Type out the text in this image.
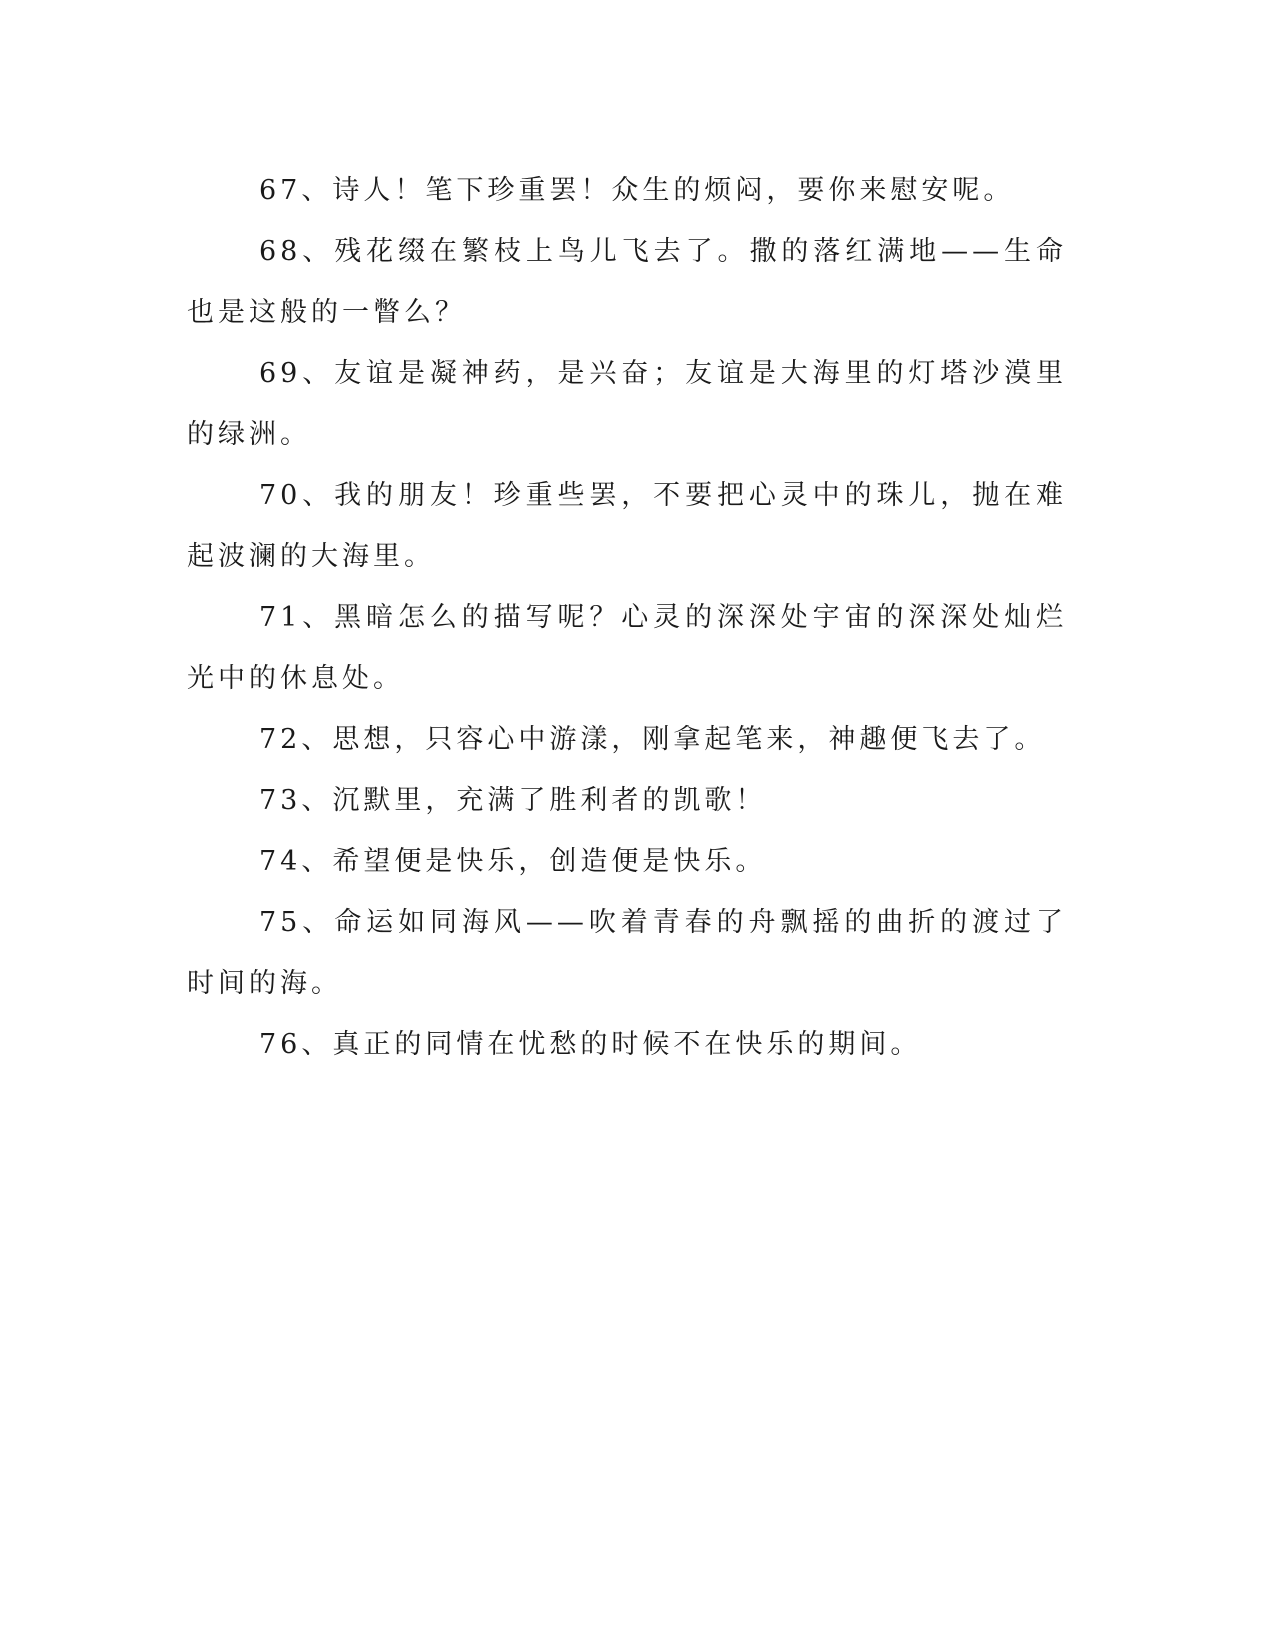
67、诗人！笔下珍重罢！众生的烦闷，要你来慰安呢。

68、残花缀在繁枝上鸟儿飞去了。撒的落红满地——生命也是这般的一瞥么？

69、友谊是凝神药，是兴奋；友谊是大海里的灯塔沙漠里的绿洲。

70、我的朋友！珍重些罢，不要把心灵中的珠儿，抛在难起波澜的大海里。

71、黑暗怎么的描写呢？心灵的深深处宇宙的深深处灿烂光中的休息处。

72、思想，只容心中游漾，刚拿起笔来，神趣便飞去了。

73、沉默里，充满了胜利者的凯歌！

74、希望便是快乐，创造便是快乐。

75、命运如同海风——吹着青春的舟飘摇的曲折的渡过了时间的海。

76、真正的同情在忧愁的时候不在快乐的期间。
